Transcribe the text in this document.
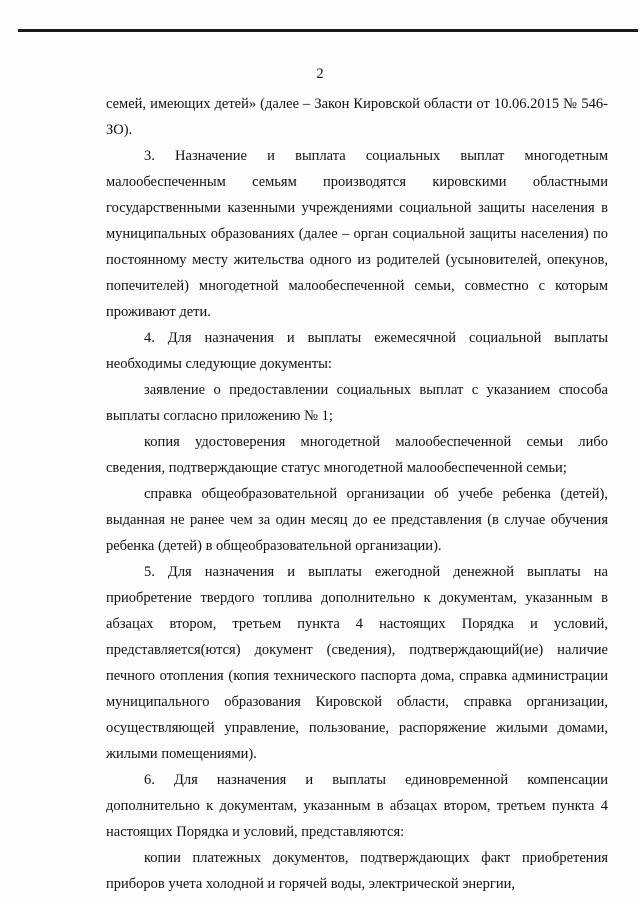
2

семей, имеющих детей» (далее – Закон Кировской области от 10.06.2015 № 546-ЗО).

3. Назначение и выплата социальных выплат многодетным малообеспеченным семьям производятся кировскими областными государственными казенными учреждениями социальной защиты населения в муниципальных образованиях (далее – орган социальной защиты населения) по постоянному месту жительства одного из родителей (усыновителей, опекунов, попечителей) многодетной малообеспеченной семьи, совместно с которым проживают дети.

4. Для назначения и выплаты ежемесячной социальной выплаты необходимы следующие документы:

заявление о предоставлении социальных выплат с указанием способа выплаты согласно приложению № 1;

копия удостоверения многодетной малообеспеченной семьи либо сведения, подтверждающие статус многодетной малообеспеченной семьи;

справка общеобразовательной организации об учебе ребенка (детей), выданная не ранее чем за один месяц до ее представления (в случае обучения ребенка (детей) в общеобразовательной организации).

5. Для назначения и выплаты ежегодной денежной выплаты на приобретение твердого топлива дополнительно к документам, указанным в абзацах втором, третьем пункта 4 настоящих Порядка и условий, представляется(ются) документ (сведения), подтверждающий(ие) наличие печного отопления (копия технического паспорта дома, справка администрации муниципального образования Кировской области, справка организации, осуществляющей управление, пользование, распоряжение жилыми домами, жилыми помещениями).

6. Для назначения и выплаты единовременной компенсации дополнительно к документам, указанным в абзацах втором, третьем пункта 4 настоящих Порядка и условий, представляются:

копии платежных документов, подтверждающих факт приобретения приборов учета холодной и горячей воды, электрической энергии,
